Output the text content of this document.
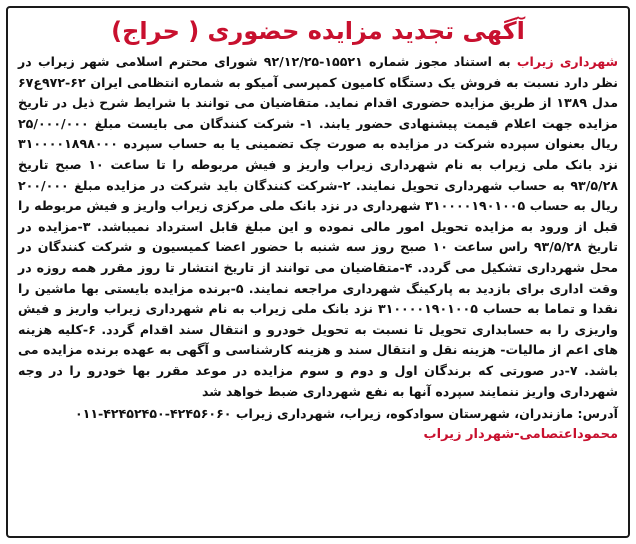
آگهی تجدید مزایده حضوری ( حراج)

شهرداری زیراب به استناد مجوز شماره ۱۵۵۲۱-۹۲/۱۲/۲۵ شورای محترم اسلامی شهر زیراب در نظر دارد نسبت به فروش یک دستگاه کامیون کمپرسی آمیکو به شماره انتظامی ایران ۶۲-۹۷۲ع۶۷ مدل ۱۳۸۹ از طریق مزایده حضوری اقدام نماید. متقاضیان می توانند با شرایط شرح ذیل در تاریخ مزایده جهت اعلام قیمت پیشنهادی حضور یابند. ۱- شرکت کنندگان می بایست مبلغ ۲۵/۰۰۰/۰۰۰ ریال بعنوان سپرده شرکت در مزایده به صورت چک تضمینی یا به حساب سپرده ۳۱۰۰۰۰۱۸۹۸۰۰۰ نزد بانک ملی زیراب به نام شهرداری زیراب واریز و فیش مربوطه را تا ساعت ۱۰ صبح تاریخ ۹۳/۵/۲۸ به حساب شهرداری تحویل نمایند. ۲-شرکت کنندگان باید شرکت در مزایده مبلغ ۲۰۰/۰۰۰ ریال به حساب ۳۱۰۰۰۰۱۹۰۱۰۰۵ شهرداری در نزد بانک ملی مرکزی زیراب واریز و فیش مربوطه را قبل از ورود به مزایده تحویل امور مالی نموده و این مبلغ قابل استرداد نمیباشد. ۳-مزایده در تاریخ ۹۳/۵/۲۸ راس ساعت ۱۰ صبح روز سه شنبه با حضور اعضا کمیسیون و شرکت کنندگان در محل شهرداری تشکیل می گردد. ۴-متقاضیان می توانند از تاریخ انتشار تا روز مقرر همه روزه در وقت اداری برای بازدید به پارکینگ شهرداری مراجعه نمایند. ۵-برنده مزایده بایستی بها ماشین را نقدا و تماما به حساب ۳۱۰۰۰۰۱۹۰۱۰۰۵ نزد بانک ملی زیراب به نام شهرداری زیراب واریز و فیش واریزی را به حسابداری تحویل تا نسبت به تحویل خودرو و انتقال سند اقدام گردد. ۶-کلیه هزینه های اعم از مالیات- هزینه نقل و انتقال سند و هزینه کارشناسی و آگهی به عهده برنده مزایده می باشد. ۷-در صورتی که برندگان اول و دوم و سوم مزایده در موعد مقرر بها خودرو را در وجه شهرداری واریز ننمایند سپرده آنها به نفع شهرداری ضبط خواهد شد

آدرس: مازندران، شهرستان سوادکوه، زیراب، شهرداری زیراب ۴۲۴۵۶۰۶۰-۴۲۴۵۲۴۵۰-۰۱۱

محموداعتصامی-شهردار زیراب
